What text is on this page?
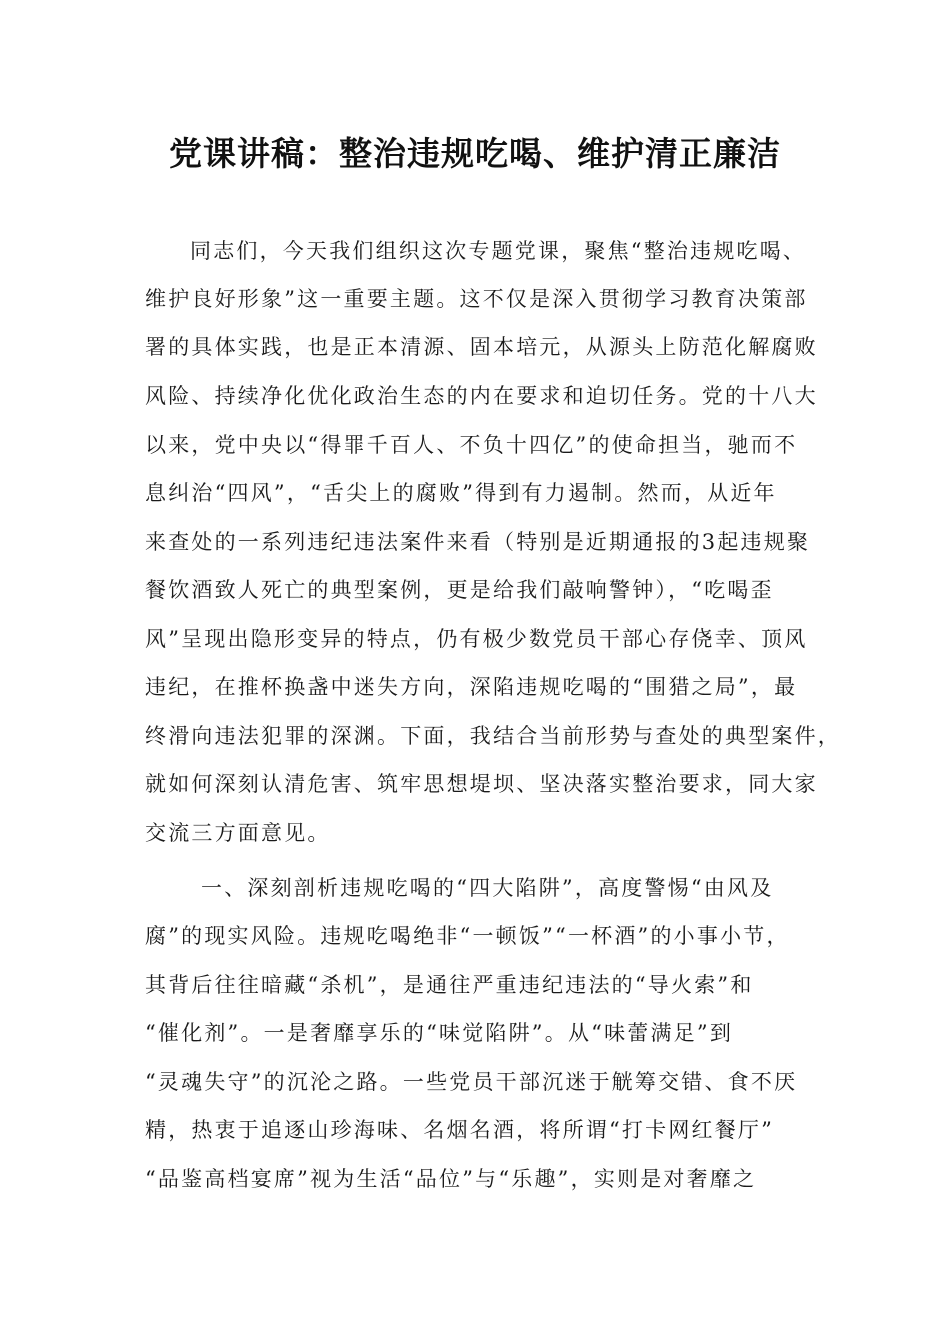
党课讲稿：整治违规吃喝、维护清正廉洁

同志们，今天我们组织这次专题党课，聚焦“整治违规吃喝、

维护良好形象”这一重要主题。这不仅是深入贯彻学习教育决策部

署的具体实践，也是正本清源、固本培元，从源头上防范化解腐败

风险、持续净化优化政治生态的内在要求和迫切任务。党的十八大

以来，党中央以“得罪千百人、不负十四亿”的使命担当，驰而不

息纠治“四风”，“舌尖上的腐败”得到有力遏制。然而，从近年

来查处的一系列违纪违法案件来看（特别是近期通报的3起违规聚

餐饮酒致人死亡的典型案例，更是给我们敲响警钟），“吃喝歪

风”呈现出隐形变异的特点，仍有极少数党员干部心存侥幸、顶风

违纪，在推杯换盏中迷失方向，深陷违规吃喝的“围猎之局”，最

终滑向违法犯罪的深渊。下面，我结合当前形势与查处的典型案件，

就如何深刻认清危害、筑牢思想堤坝、坚决落实整治要求，同大家

交流三方面意见。

一、深刻剖析违规吃喝的“四大陷阱”，高度警惕“由风及

腐”的现实风险。违规吃喝绝非“一顿饭”“一杯酒”的小事小节，

其背后往往暗藏“杀机”，是通往严重违纪违法的“导火索”和

“催化剂”。一是奢靡享乐的“味觉陷阱”。从“味蕾满足”到

“灵魂失守”的沉沦之路。一些党员干部沉迷于觥筹交错、食不厌

精，热衷于追逐山珍海味、名烟名酒，将所谓“打卡网红餐厅”

“品鉴高档宴席”视为生活“品位”与“乐趣”，实则是对奢靡之
